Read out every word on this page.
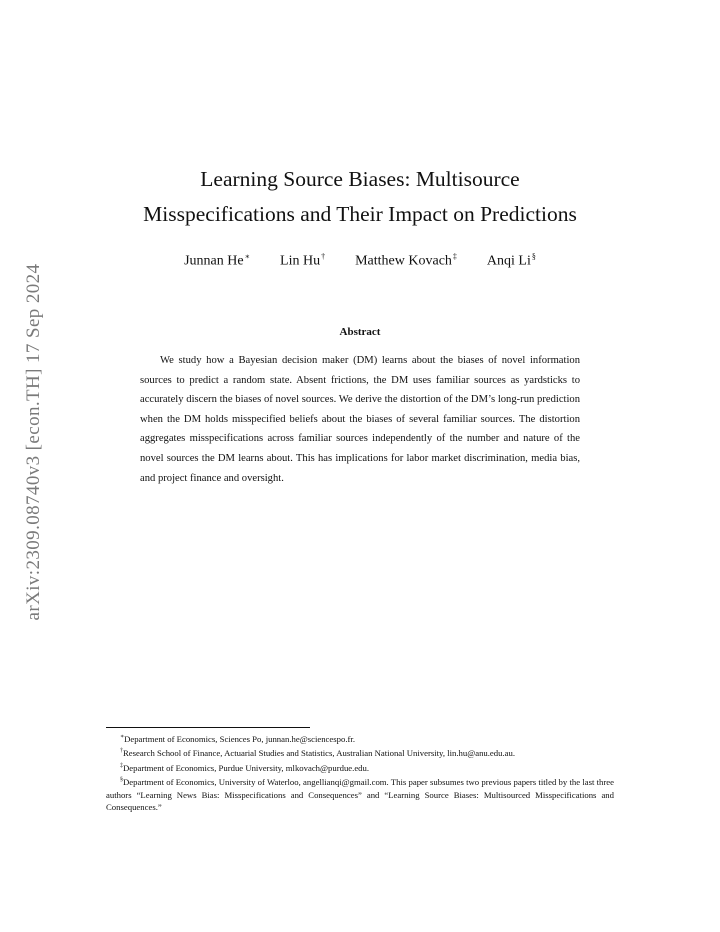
arXiv:2309.08740v3 [econ.TH] 17 Sep 2024
Learning Source Biases: Multisource
Misspecifications and Their Impact on Predictions
Junnan He∗ Lin Hu† Matthew Kovach‡ Anqi Li§
Abstract

We study how a Bayesian decision maker (DM) learns about the biases of novel information sources to predict a random state. Absent frictions, the DM uses familiar sources as yardsticks to accurately discern the biases of novel sources. We derive the distortion of the DM’s long-run prediction when the DM holds misspecified beliefs about the biases of several familiar sources. The distortion aggregates misspecifications across familiar sources independently of the number and nature of the novel sources the DM learns about. This has implications for labor market discrimination, media bias, and project finance and oversight.

∗Department of Economics, Sciences Po, junnan.he@sciencespo.fr.

†Research School of Finance, Actuarial Studies and Statistics, Australian National University, lin.hu@anu.edu.au.

‡Department of Economics, Purdue University, mlkovach@purdue.edu.

§Department of Economics, University of Waterloo, angellianqi@gmail.com. This paper subsumes two previous papers titled by the last three authors “Learning News Bias: Misspecifications and Consequences” and “Learning Source Biases: Multisourced Misspecifications and Consequences.”
